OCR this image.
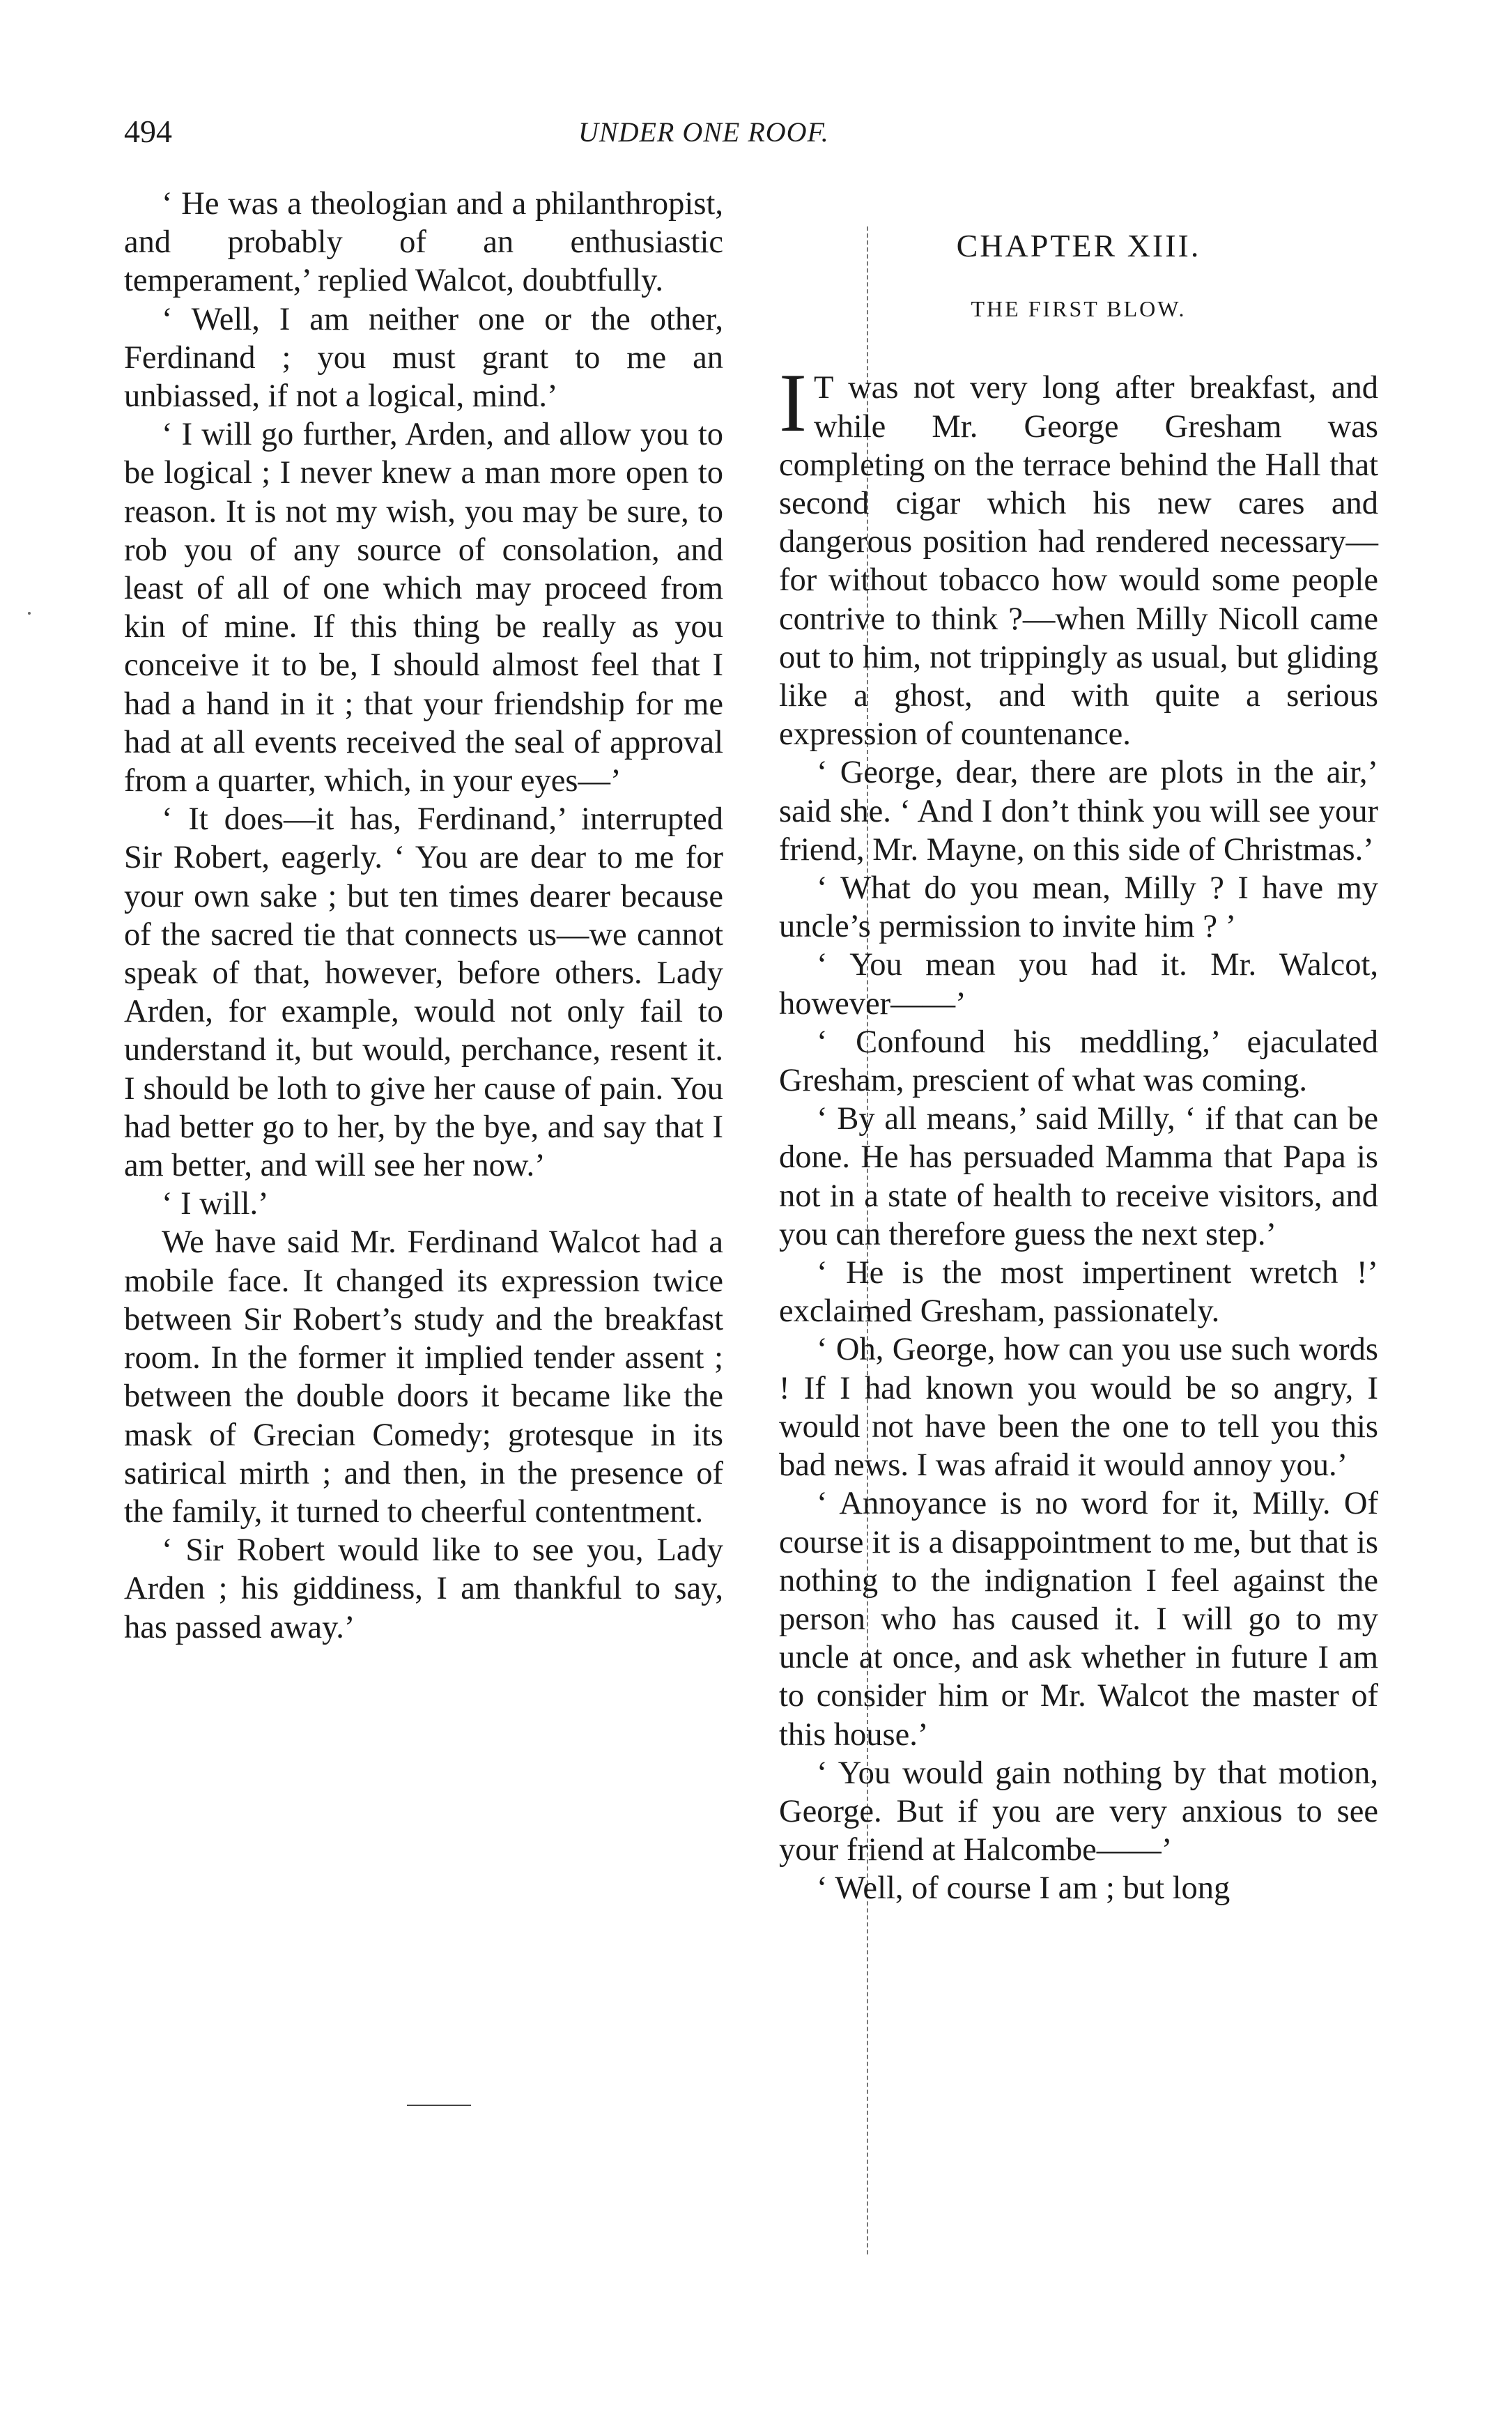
494	UNDER ONE ROOF.

‘ He was a theologian and a philanthropist, and probably of an enthusiastic temperament,’ replied Walcot, doubtfully.

‘ Well, I am neither one or the other, Ferdinand ; you must grant to me an unbiassed, if not a logical, mind.’

‘ I will go further, Arden, and allow you to be logical ; I never knew a man more open to reason. It is not my wish, you may be sure, to rob you of any source of consolation, and least of all of one which may proceed from kin of mine. If this thing be really as you conceive it to be, I should almost feel that I had a hand in it ; that your friendship for me had at all events received the seal of approval from a quarter, which, in your eyes—’

‘ It does—it has, Ferdinand,’ interrupted Sir Robert, eagerly. ‘ You are dear to me for your own sake ; but ten times dearer because of the sacred tie that connects us—we cannot speak of that, however, before others. Lady Arden, for example, would not only fail to understand it, but would, perchance, resent it. I should be loth to give her cause of pain. You had better go to her, by the bye, and say that I am better, and will see her now.’

‘ I will.’

We have said Mr. Ferdinand Walcot had a mobile face. It changed its expression twice between Sir Robert’s study and the breakfast room. In the former it implied tender assent ; between the double doors it became like the mask of Grecian Comedy; grotesque in its satirical mirth ; and then, in the presence of the family, it turned to cheerful contentment.

‘ Sir Robert would like to see you, Lady Arden ; his giddiness, I am thankful to say, has passed away.’

CHAPTER XIII.

THE FIRST BLOW.

I T was not very long after breakfast, and while Mr. George Gresham was completing on the terrace behind the Hall that second cigar which his new cares and dangerous position had rendered necessary—for without tobacco how would some people contrive to think ?—when Milly Nicoll came out to him, not trippingly as usual, but gliding like a ghost, and with quite a serious expression of countenance.

‘ George, dear, there are plots in the air,’ said she. ‘ And I don’t think you will see your friend, Mr. Mayne, on this side of Christmas.’

‘ What do you mean, Milly ? I have my uncle’s permission to invite him ? ’

‘ You mean you had it. Mr. Walcot, however——’

‘ Confound his meddling,’ ejaculated Gresham, prescient of what was coming.

‘ By all means,’ said Milly, ‘ if that can be done. He has persuaded Mamma that Papa is not in a state of health to receive visitors, and you can therefore guess the next step.’

‘ He is the most impertinent wretch !’ exclaimed Gresham, passionately.

‘ Oh, George, how can you use such words ! If I had known you would be so angry, I would not have been the one to tell you this bad news. I was afraid it would annoy you.’

‘ Annoyance is no word for it, Milly. Of course it is a disappointment to me, but that is nothing to the indignation I feel against the person who has caused it. I will go to my uncle at once, and ask whether in future I am to consider him or Mr. Walcot the master of this house.’

‘ You would gain nothing by that motion, George. But if you are very anxious to see your friend at Halcombe——’

‘ Well, of course I am ; but long
